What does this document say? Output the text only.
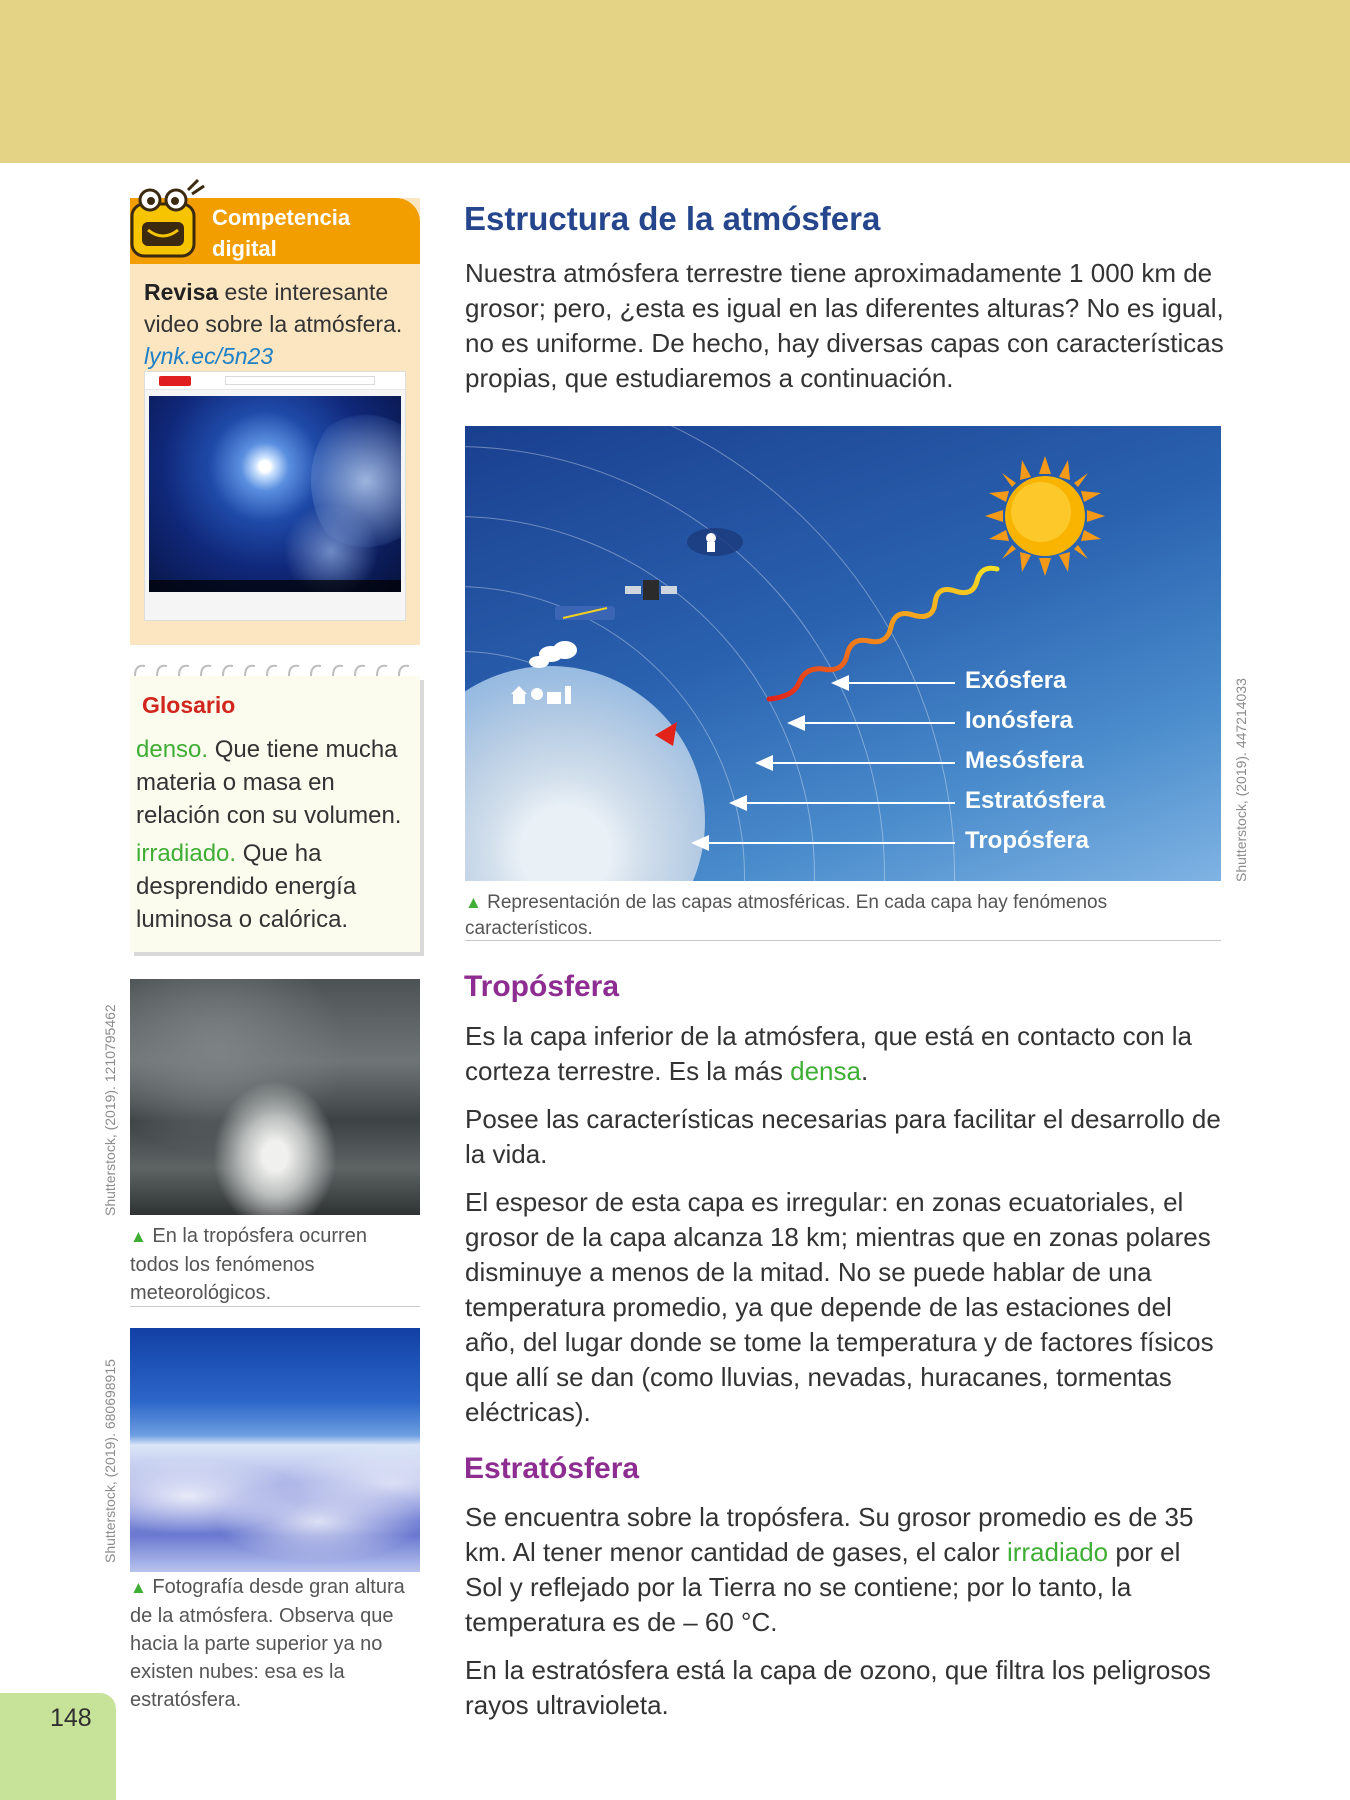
Competencia
digital
Revisa este interesante video sobre la atmósfera.
lynk.ec/5n23
Glosario

denso. Que tiene mucha materia o masa en relación con su volumen.

irradiado. Que ha desprendido energía luminosa o calórica.

Shutterstock, (2019). 1210795462
▲ En la tropósfera ocurren todos los fenómenos meteorológicos.
Shutterstock, (2019). 680698915
▲ Fotografía desde gran altura de la atmósfera. Observa que hacia la parte superior ya no existen nubes: esa es la estratósfera.
148
Estructura de la atmósfera
Nuestra atmósfera terrestre tiene aproximadamente 1 000 km de grosor; pero, ¿esta es igual en las diferentes alturas? No es igual, no es uniforme. De hecho, hay diversas capas con características propias, que estudiaremos a continuación.
Exósfera
Ionósfera
Mesósfera
Estratósfera
Tropósfera	Shutterstock, (2019). 447214033
▲ Representación de las capas atmosféricas. En cada capa hay fenómenos característicos.
Tropósfera

Es la capa inferior de la atmósfera, que está en contacto con la corteza terrestre. Es la más densa.

Posee las características necesarias para facilitar el desarrollo de la vida.

El espesor de esta capa es irregular: en zonas ecuatoriales, el grosor de la capa alcanza 18 km; mientras que en zonas polares disminuye a menos de la mitad. No se puede hablar de una temperatura promedio, ya que depende de las estaciones del año, del lugar donde se tome la temperatura y de factores físicos que allí se dan (como lluvias, nevadas, huracanes, tormentas eléctricas).

Estratósfera

Se encuentra sobre la tropósfera. Su grosor promedio es de 35 km. Al tener menor cantidad de gases, el calor irradiado por el Sol y reflejado por la Tierra no se contiene; por lo tanto, la temperatura es de – 60 °C.

En la estratósfera está la capa de ozono, que filtra los peligrosos rayos ultravioleta.
